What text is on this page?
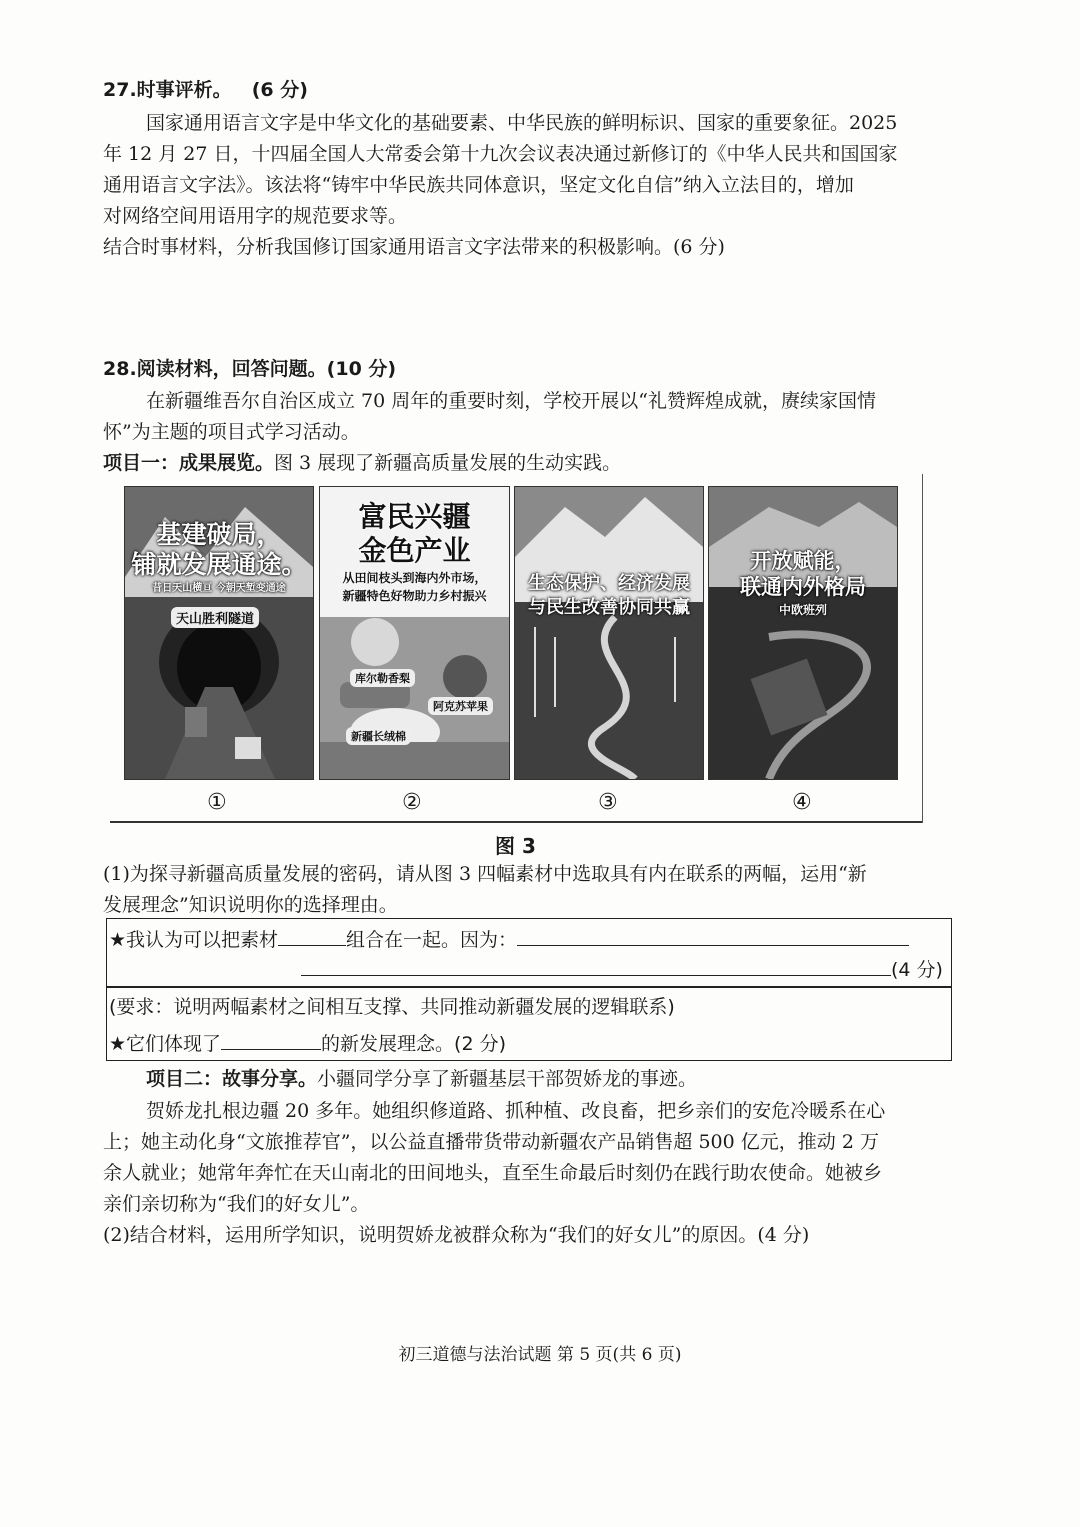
27.时事评析。 (6 分)
国家通用语言文字是中华文化的基础要素、中华民族的鲜明标识、国家的重要象征。2025
年 12 月 27 日，十四届全国人大常委会第十九次会议表决通过新修订的《中华人民共和国国家
通用语言文字法》。该法将“铸牢中华民族共同体意识，坚定文化自信”纳入立法目的，增加
对网络空间用语用字的规范要求等。
结合时事材料，分析我国修订国家通用语言文字法带来的积极影响。(6 分)
28.阅读材料，回答问题。(10 分)
在新疆维吾尔自治区成立 70 周年的重要时刻，学校开展以“礼赞辉煌成就，赓续家国情
怀”为主题的项目式学习活动。
项目一：成果展览。图 3 展现了新疆高质量发展的生动实践。
基建破局，
铺就发展通途。
昔日天山横亘 今朝天堑变通途
天山胜利隧道
富民兴疆
金色产业
从田间枝头到海内外市场，
新疆特色好物助力乡村振兴
库尔勒香梨
阿克苏苹果
新疆长绒棉
生态保护、经济发展
与民生改善协同共赢
开放赋能，
联通内外格局
中欧班列
①	②	③	④
图 3
(1)为探寻新疆高质量发展的密码，请从图 3 四幅素材中选取具有内在联系的两幅，运用“新
发展理念”知识说明你的选择理由。
★我认为可以把素材	组合在一起。因为：
(4 分)
(要求：说明两幅素材之间相互支撑、共同推动新疆发展的逻辑联系)
★它们体现了	的新发展理念。(2 分)
项目二：故事分享。小疆同学分享了新疆基层干部贺娇龙的事迹。
贺娇龙扎根边疆 20 多年。她组织修道路、抓种植、改良畜，把乡亲们的安危冷暖系在心
上；她主动化身“文旅推荐官”，以公益直播带货带动新疆农产品销售超 500 亿元，推动 2 万
余人就业；她常年奔忙在天山南北的田间地头，直至生命最后时刻仍在践行助农使命。她被乡
亲们亲切称为“我们的好女儿”。
(2)结合材料，运用所学知识，说明贺娇龙被群众称为“我们的好女儿”的原因。(4 分)
初三道德与法治试题 第 5 页(共 6 页)
